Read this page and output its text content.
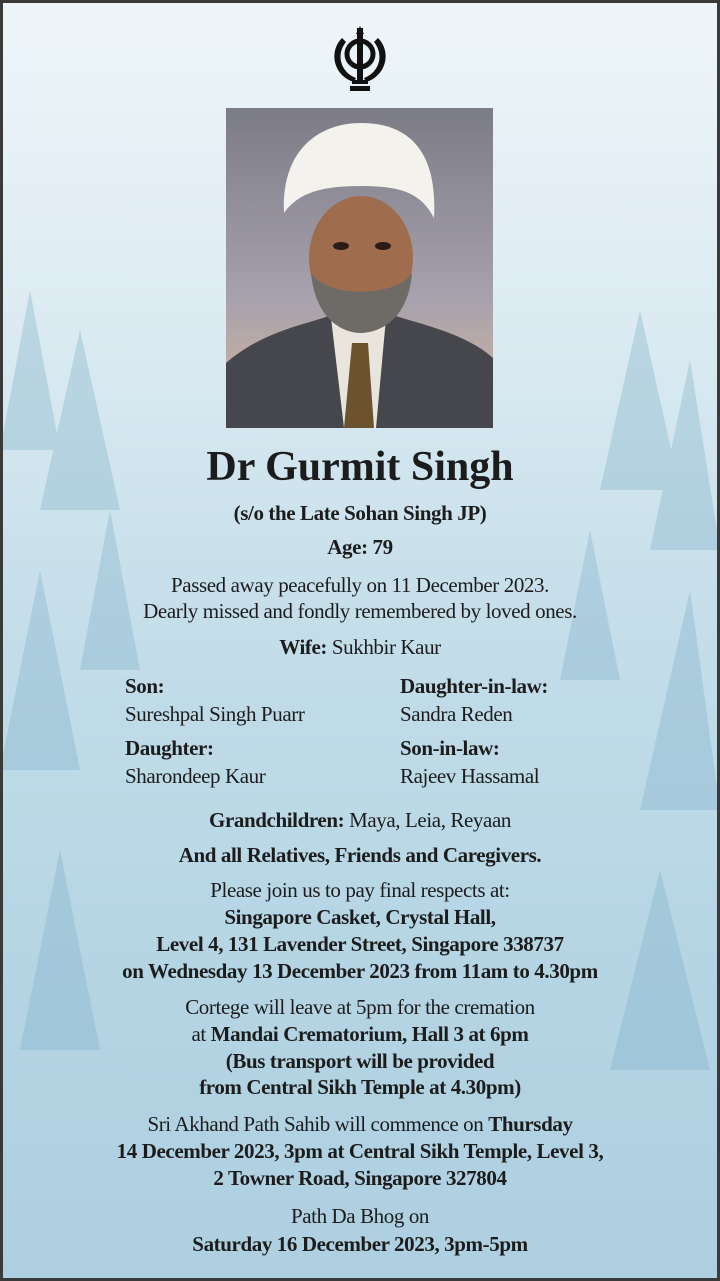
Dr Gurmit Singh
(s/o the Late Sohan Singh JP)
Age: 79
Passed away peacefully on 11 December 2023.
Dearly missed and fondly remembered by loved ones.
Wife: Sukhbir Kaur
Son:
Sureshpal Singh Puarr
Daughter-in-law:
Sandra Reden
Daughter:
Sharondeep Kaur
Son-in-law:
Rajeev Hassamal
Grandchildren: Maya, Leia, Reyaan
And all Relatives, Friends and Caregivers.
Please join us to pay final respects at:
Singapore Casket, Crystal Hall,
Level 4, 131 Lavender Street, Singapore 338737
on Wednesday 13 December 2023 from 11am to 4.30pm
Cortege will leave at 5pm for the cremation
at Mandai Crematorium, Hall 3 at 6pm
(Bus transport will be provided
from Central Sikh Temple at 4.30pm)
Sri Akhand Path Sahib will commence on Thursday
14 December 2023, 3pm at Central Sikh Temple, Level 3,
2 Towner Road, Singapore 327804
Path Da Bhog on
Saturday 16 December 2023, 3pm-5pm
